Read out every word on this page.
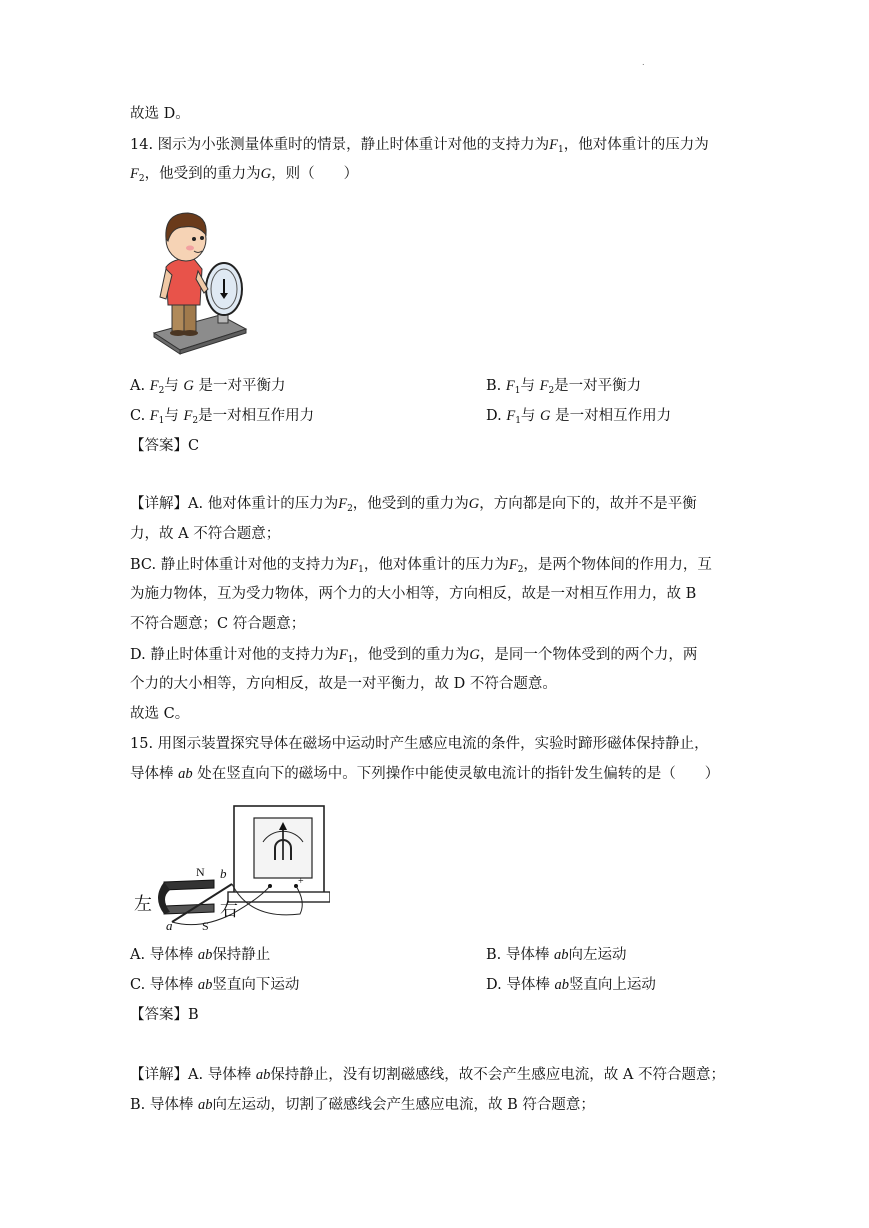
.
故选 D。
14. 图示为小张测量体重时的情景，静止时体重计对他的支持力为$F_1$，他对体重计的压力为
$F_2$，他受到的重力为G，则（　　）
A. $F_2$与 G 是一对平衡力	B. $F_1$与 $F_2$是一对平衡力
C. $F_1$与 $F_2$是一对相互作用力	D. $F_1$与 G 是一对相互作用力
【答案】C
【详解】A. 他对体重计的压力为$F_2$，他受到的重力为G，方向都是向下的，故并不是平衡
力，故 A 不符合题意；
BC. 静止时体重计对他的支持力为$F_1$，他对体重计的压力为$F_2$，是两个物体间的作用力，互
为施力物体，互为受力物体，两个力的大小相等，方向相反，故是一对相互作用力，故 B
不符合题意；C 符合题意；
D. 静止时体重计对他的支持力为$F_1$，他受到的重力为G，是同一个物体受到的两个力，两
个力的大小相等，方向相反，故是一对平衡力，故 D 不符合题意。
故选 C。
15. 用图示装置探究导体在磁场中运动时产生感应电流的条件，实验时蹄形磁体保持静止，
导体棒 ab 处在竖直向下的磁场中。下列操作中能使灵敏电流计的指针发生偏转的是（　　）
+
N b
左
a S
右
A. 导体棒 ab保持静止	B. 导体棒 ab向左运动
C. 导体棒 ab竖直向下运动	D. 导体棒 ab竖直向上运动
【答案】B
【详解】A. 导体棒 ab保持静止，没有切割磁感线，故不会产生感应电流，故 A 不符合题意；
B. 导体棒 ab向左运动，切割了磁感线会产生感应电流，故 B 符合题意；
